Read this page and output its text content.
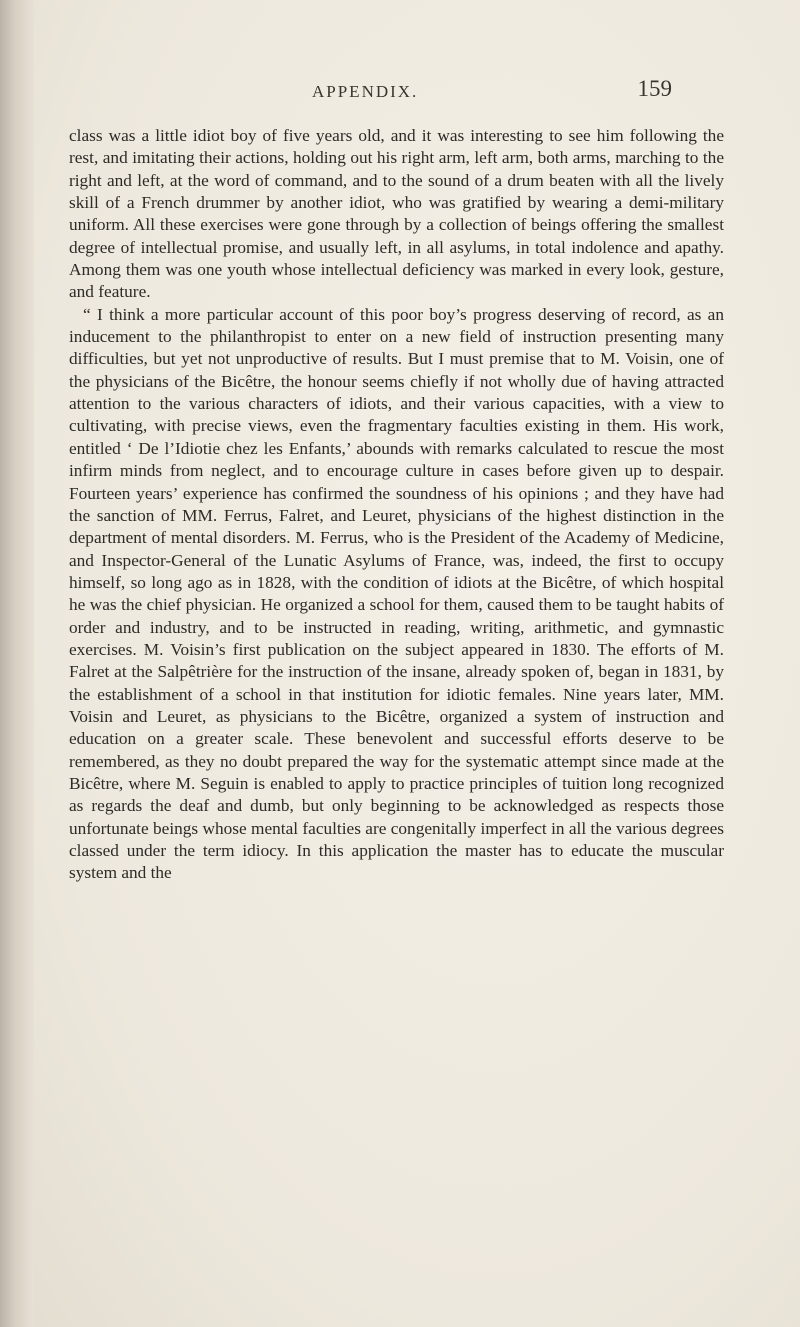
APPENDIX.	159

class was a little idiot boy of five years old, and it was interesting to see him following the rest, and imitating their actions, holding out his right arm, left arm, both arms, marching to the right and left, at the word of command, and to the sound of a drum beaten with all the lively skill of a French drummer by another idiot, who was gratified by wearing a demi-military uniform. All these exercises were gone through by a collection of beings offering the smallest degree of intellectual promise, and usually left, in all asylums, in total indolence and apathy. Among them was one youth whose intellectual deficiency was marked in every look, gesture, and feature.

“ I think a more particular account of this poor boy’s progress deserving of record, as an inducement to the philanthropist to enter on a new field of instruction presenting many difficulties, but yet not unproductive of results. But I must premise that to M. Voisin, one of the physicians of the Bicêtre, the honour seems chiefly if not wholly due of having attracted attention to the various characters of idiots, and their various capacities, with a view to cultivating, with precise views, even the fragmentary faculties existing in them. His work, entitled ‘ De l’Idiotie chez les Enfants,’ abounds with remarks calculated to rescue the most infirm minds from neglect, and to encourage culture in cases before given up to despair. Fourteen years’ experience has confirmed the soundness of his opinions ; and they have had the sanction of MM. Ferrus, Falret, and Leuret, physicians of the highest distinction in the department of mental disorders. M. Ferrus, who is the President of the Academy of Medicine, and Inspector-General of the Lunatic Asylums of France, was, indeed, the first to occupy himself, so long ago as in 1828, with the condition of idiots at the Bicêtre, of which hospital he was the chief physician. He organized a school for them, caused them to be taught habits of order and industry, and to be instructed in reading, writing, arithmetic, and gymnastic exercises. M. Voisin’s first publication on the subject appeared in 1830. The efforts of M. Falret at the Salpêtrière for the instruction of the insane, already spoken of, began in 1831, by the establishment of a school in that institution for idiotic females. Nine years later, MM. Voisin and Leuret, as physicians to the Bicêtre, organized a system of instruction and education on a greater scale. These benevolent and successful efforts deserve to be remembered, as they no doubt prepared the way for the systematic attempt since made at the Bicêtre, where M. Seguin is enabled to apply to practice principles of tuition long recognized as regards the deaf and dumb, but only beginning to be acknowledged as respects those unfortunate beings whose mental faculties are congenitally imperfect in all the various degrees classed under the term idiocy. In this application the master has to educate the muscular system and the
